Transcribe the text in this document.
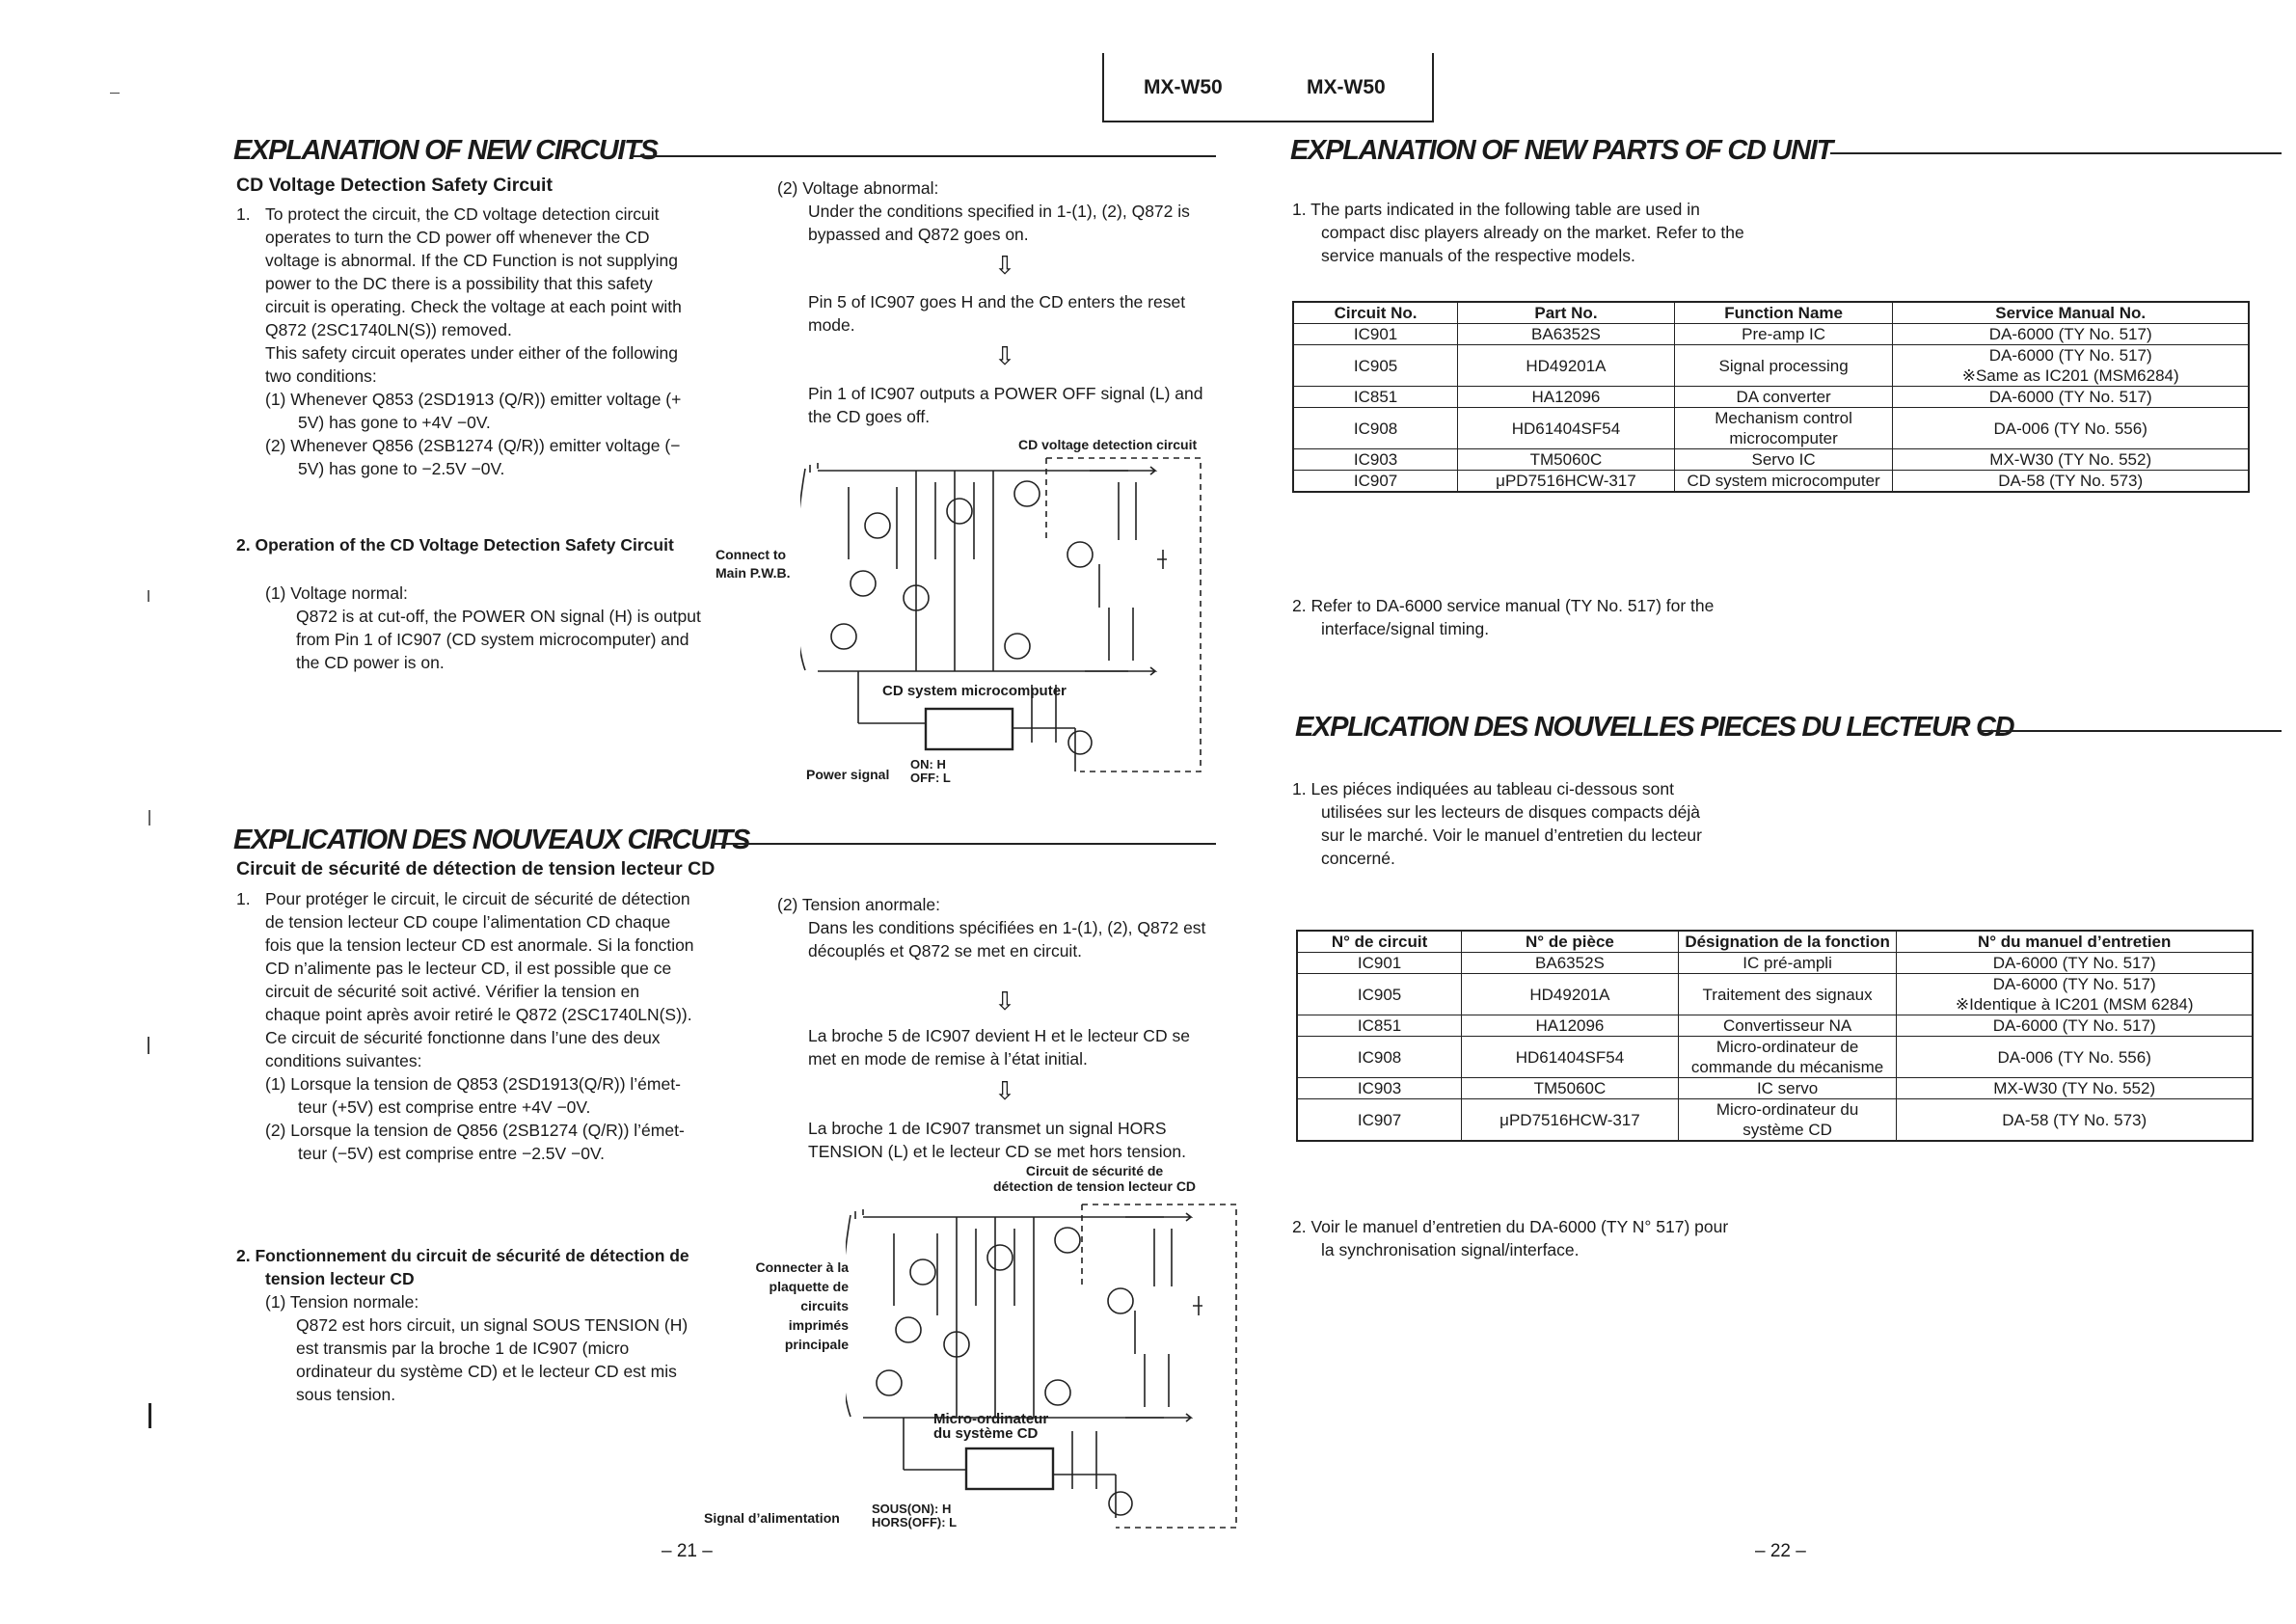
MX-W50	MX-W50
EXPLANATION OF NEW CIRCUITS
CD Voltage Detection Safety Circuit
1. To protect the circuit, the CD voltage detection circuit
operates to turn the CD power off whenever the CD
voltage is abnormal. If the CD Function is not supplying
power to the DC there is a possibility that this safety
circuit is operating. Check the voltage at each point with
Q872 (2SC1740LN(S)) removed.
This safety circuit operates under either of the following
two conditions:
(1) Whenever Q853 (2SD1913 (Q/R)) emitter voltage (+
5V) has gone to +4V −0V.
(2) Whenever Q856 (2SB1274 (Q/R)) emitter voltage (−
5V) has gone to −2.5V −0V.
2. Operation of the CD Voltage Detection Safety Circuit
(1) Voltage normal:
Q872 is at cut-off, the POWER ON signal (H) is output
from Pin 1 of IC907 (CD system microcomputer) and
the CD power is on.
(2) Voltage abnormal:
Under the conditions specified in 1-(1), (2), Q872 is
bypassed and Q872 goes on.
⇩
Pin 5 of IC907 goes H and the CD enters the reset
mode.
⇩
Pin 1 of IC907 outputs a POWER OFF signal (L) and
the CD goes off.
CD voltage detection circuit
Connect to
Main P.W.B.
CD system microcomputer
Power signal
ON: H
OFF: L
EXPLICATION DES NOUVEAUX CIRCUITS
Circuit de sécurité de détection de tension lecteur CD
1. Pour protéger le circuit, le circuit de sécurité de détection
de tension lecteur CD coupe l’alimentation CD chaque
fois que la tension lecteur CD est anormale. Si la fonction
CD n’alimente pas le lecteur CD, il est possible que ce
circuit de sécurité soit activé. Vérifier la tension en
chaque point après avoir retiré le Q872 (2SC1740LN(S)).
Ce circuit de sécurité fonctionne dans l’une des deux
conditions suivantes:
(1) Lorsque la tension de Q853 (2SD1913(Q/R)) l’émet-
teur (+5V) est comprise entre +4V −0V.
(2) Lorsque la tension de Q856 (2SB1274 (Q/R)) l’émet-
teur (−5V) est comprise entre −2.5V −0V.
2. Fonctionnement du circuit de sécurité de détection de
tension lecteur CD
(1) Tension normale:
Q872 est hors circuit, un signal SOUS TENSION (H)
est transmis par la broche 1 de IC907 (micro
ordinateur du système CD) et le lecteur CD est mis
sous tension.
(2) Tension anormale:
Dans les conditions spécifiées en 1-(1), (2), Q872 est
découplés et Q872 se met en circuit.
⇩
La broche 5 de IC907 devient H et le lecteur CD se
met en mode de remise à l’état initial.
⇩
La broche 1 de IC907 transmet un signal HORS
TENSION (L) et le lecteur CD se met hors tension.
Circuit de sécurité de
détection de tension lecteur CD
Connecter à la
plaquette de
circuits
imprimés
principale
Micro-ordinateur
du système CD
Signal d’alimentation
SOUS(ON): H
HORS(OFF): L
– 21 –
EXPLANATION OF NEW PARTS OF CD UNIT
1. The parts indicated in the following table are used in
compact disc players already on the market. Refer to the
service manuals of the respective models.
Circuit No.	Part No.	Function Name	Service Manual No.
IC901	BA6352S	Pre-amp IC	DA-6000 (TY No. 517)
IC905	HD49201A	Signal processing	DA-6000 (TY No. 517)
※Same as IC201 (MSM6284)
IC851	HA12096	DA converter	DA-6000 (TY No. 517)
IC908	HD61404SF54	Mechanism control
microcomputer	DA-006 (TY No. 556)
IC903	TM5060C	Servo IC	MX-W30 (TY No. 552)
IC907	μPD7516HCW-317	CD system microcomputer	DA-58 (TY No. 573)
2. Refer to DA-6000 service manual (TY No. 517) for the
interface/signal timing.
EXPLICATION DES NOUVELLES PIECES DU LECTEUR CD
1. Les piéces indiquées au tableau ci-dessous sont
utilisées sur les lecteurs de disques compacts déjà
sur le marché. Voir le manuel d’entretien du lecteur
concerné.
N° de circuit	N° de pièce	Désignation de la fonction	N° du manuel d’entretien
IC901	BA6352S	IC pré-ampli	DA-6000 (TY No. 517)
IC905	HD49201A	Traitement des signaux	DA-6000 (TY No. 517)
※Identique à IC201 (MSM 6284)
IC851	HA12096	Convertisseur NA	DA-6000 (TY No. 517)
IC908	HD61404SF54	Micro-ordinateur de
commande du mécanisme	DA-006 (TY No. 556)
IC903	TM5060C	IC servo	MX-W30 (TY No. 552)
IC907	μPD7516HCW-317	Micro-ordinateur du
système CD	DA-58 (TY No. 573)
2. Voir le manuel d’entretien du DA-6000 (TY N° 517) pour
la synchronisation signal/interface.
– 22 –
